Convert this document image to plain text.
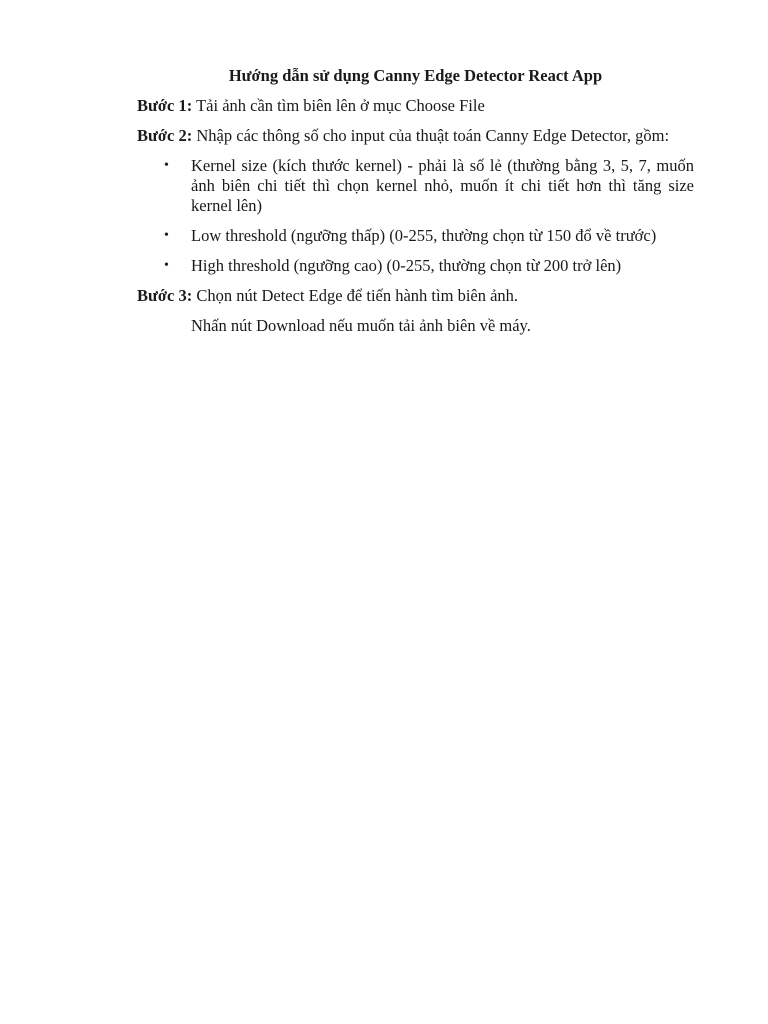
Hướng dẫn sử dụng Canny Edge Detector React App
Bước 1: Tải ảnh cần tìm biên lên ở mục Choose File
Bước 2: Nhập các thông số cho input của thuật toán Canny Edge Detector, gồm:
• Kernel size (kích thước kernel) - phải là số lẻ (thường bằng 3, 5, 7, muốn ảnh biên chi tiết thì chọn kernel nhỏ, muốn ít chi tiết hơn thì tăng size kernel lên)
• Low threshold (ngưỡng thấp) (0-255, thường chọn từ 150 đổ về trước)
• High threshold (ngưỡng cao) (0-255, thường chọn từ 200 trở lên)
Bước 3: Chọn nút Detect Edge để tiến hành tìm biên ảnh.
Nhấn nút Download nếu muốn tải ảnh biên về máy.
